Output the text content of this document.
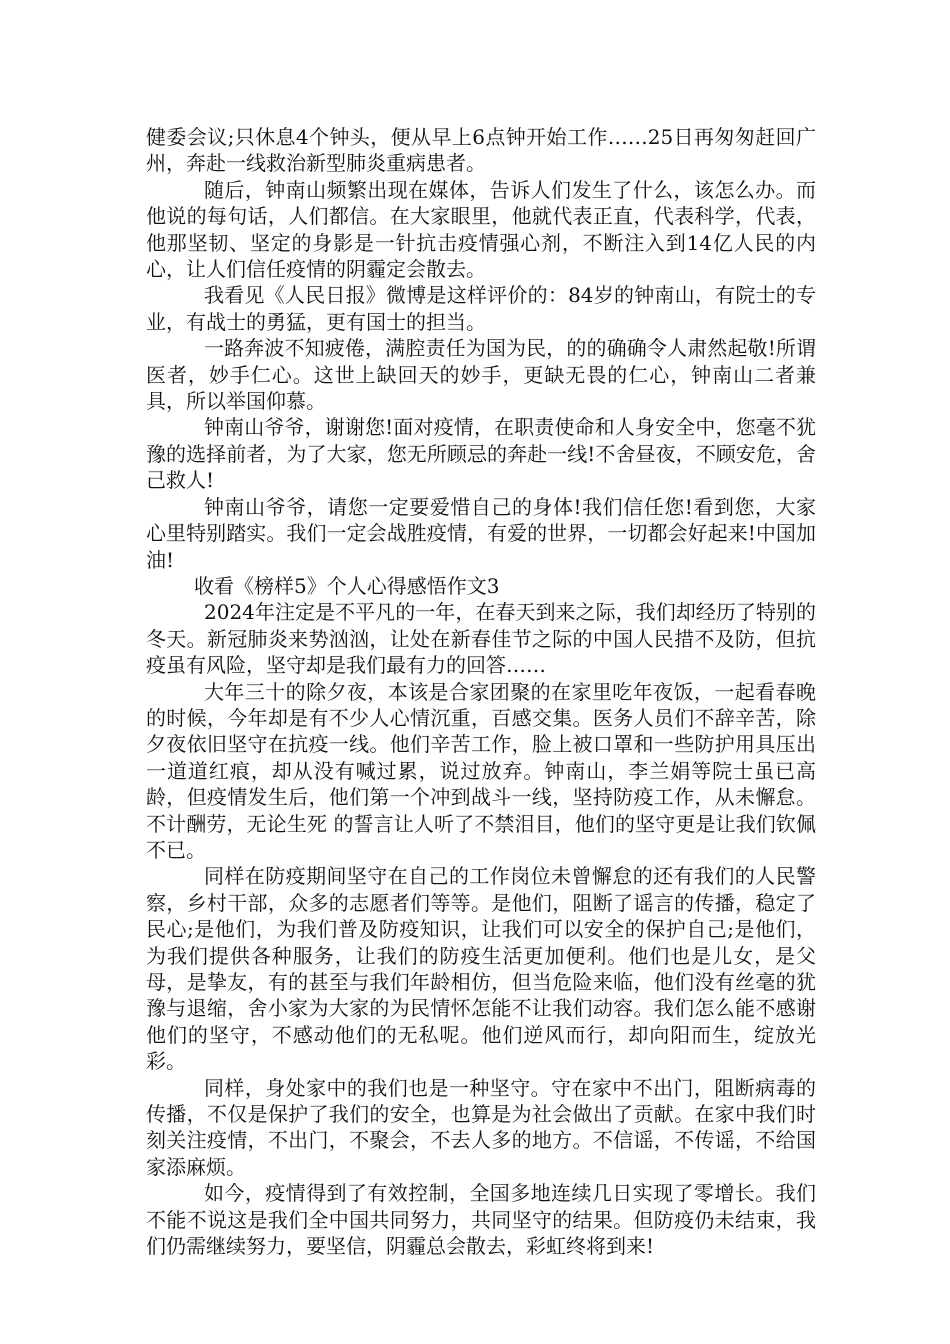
健委会议;只休息4个钟头，便从早上6点钟开始工作……25日再匆匆赶回广州，奔赴一线救治新型肺炎重病患者。

随后，钟南山频繁出现在媒体，告诉人们发生了什么，该怎么办。而他说的每句话，人们都信。在大家眼里，他就代表正直，代表科学，代表，他那坚韧、坚定的身影是一针抗击疫情强心剂，不断注入到14亿人民的内心，让人们信任疫情的阴霾定会散去。

我看见《人民日报》微博是这样评价的：84岁的钟南山，有院士的专业，有战士的勇猛，更有国士的担当。

一路奔波不知疲倦，满腔责任为国为民，的的确确令人肃然起敬!所谓医者，妙手仁心。这世上缺回天的妙手，更缺无畏的仁心，钟南山二者兼具，所以举国仰慕。

钟南山爷爷，谢谢您!面对疫情，在职责使命和人身安全中，您毫不犹豫的选择前者，为了大家，您无所顾忌的奔赴一线!不舍昼夜，不顾安危，舍己救人!

钟南山爷爷，请您一定要爱惜自己的身体!我们信任您!看到您，大家心里特别踏实。我们一定会战胜疫情，有爱的世界，一切都会好起来!中国加油!

收看《榜样5》个人心得感悟作文3

2024年注定是不平凡的一年，在春天到来之际，我们却经历了特别的冬天。新冠肺炎来势汹汹，让处在新春佳节之际的中国人民措不及防，但抗疫虽有风险，坚守却是我们最有力的回答……

大年三十的除夕夜，本该是合家团聚的在家里吃年夜饭，一起看春晚的时候，今年却是有不少人心情沉重，百感交集。医务人员们不辞辛苦，除夕夜依旧坚守在抗疫一线。他们辛苦工作，脸上被口罩和一些防护用具压出一道道红痕，却从没有喊过累，说过放弃。钟南山，李兰娟等院士虽已高龄，但疫情发生后，他们第一个冲到战斗一线，坚持防疫工作，从未懈怠。 不计酬劳，无论生死 的誓言让人听了不禁泪目，他们的坚守更是让我们钦佩不已。

同样在防疫期间坚守在自己的工作岗位未曾懈怠的还有我们的人民警察，乡村干部，众多的志愿者们等等。是他们，阻断了谣言的传播，稳定了民心;是他们，为我们普及防疫知识，让我们可以安全的保护自己;是他们，为我们提供各种服务，让我们的防疫生活更加便利。他们也是儿女，是父母，是挚友，有的甚至与我们年龄相仿，但当危险来临，他们没有丝毫的犹豫与退缩，舍小家为大家的为民情怀怎能不让我们动容。我们怎么能不感谢他们的坚守，不感动他们的无私呢。他们逆风而行，却向阳而生，绽放光彩。

同样，身处家中的我们也是一种坚守。守在家中不出门，阻断病毒的传播，不仅是保护了我们的安全，也算是为社会做出了贡献。在家中我们时刻关注疫情，不出门，不聚会，不去人多的地方。不信谣，不传谣，不给国家添麻烦。

如今，疫情得到了有效控制，全国多地连续几日实现了零增长。我们不能不说这是我们全中国共同努力，共同坚守的结果。但防疫仍未结束，我们仍需继续努力，要坚信，阴霾总会散去，彩虹终将到来!
